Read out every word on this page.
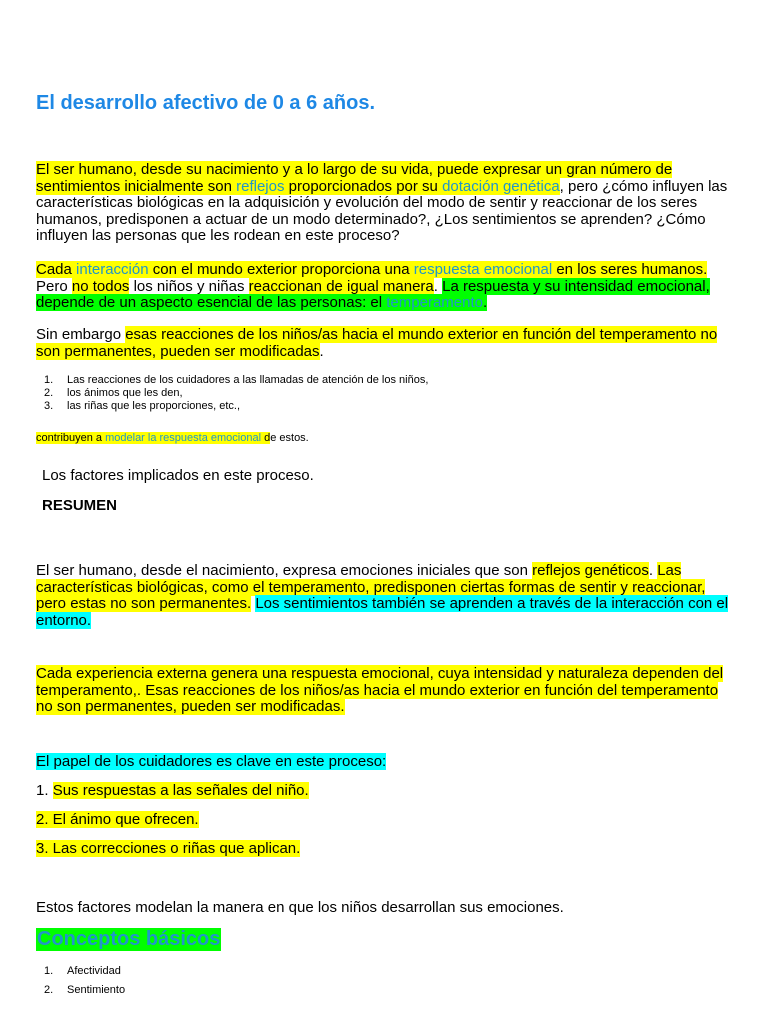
El desarrollo afectivo de 0 a 6 años.
El ser humano, desde su nacimiento y a lo largo de su vida, puede expresar un gran número de sentimientos inicialmente son reflejos proporcionados por su dotación genética, pero ¿cómo influyen las características biológicas en la adquisición y evolución del modo de sentir y reaccionar de los seres humanos, predisponen a actuar de un modo determinado?, ¿Los sentimientos se aprenden? ¿Cómo influyen las personas que les rodean en este proceso?
Cada interacción con el mundo exterior proporciona una respuesta emocional en los seres humanos. Pero no todos los niños y niñas reaccionan de igual manera. La respuesta y su intensidad emocional, depende de un aspecto esencial de las personas: el temperamento.
Sin embargo esas reacciones de los niños/as hacia el mundo exterior en función del temperamento no son permanentes, pueden ser modificadas.
1. Las reacciones de los cuidadores a las llamadas de atención de los niños,
2. los ánimos que les den,
3. las riñas que les proporciones, etc.,
contribuyen a modelar la respuesta emocional de estos.
Los factores implicados en este proceso.
RESUMEN
El ser humano, desde el nacimiento, expresa emociones iniciales que son reflejos genéticos. Las características biológicas, como el temperamento, predisponen ciertas formas de sentir y reaccionar, pero estas no son permanentes. Los sentimientos también se aprenden a través de la interacción con el entorno.
Cada experiencia externa genera una respuesta emocional, cuya intensidad y naturaleza dependen del temperamento,. Esas reacciones de los niños/as hacia el mundo exterior en función del temperamento no son permanentes, pueden ser modificadas.
El papel de los cuidadores es clave en este proceso:
1. Sus respuestas a las señales del niño.
2. El ánimo que ofrecen.
3. Las correcciones o riñas que aplican.
Estos factores modelan la manera en que los niños desarrollan sus emociones.
Conceptos básicos
1. Afectividad
2. Sentimiento
